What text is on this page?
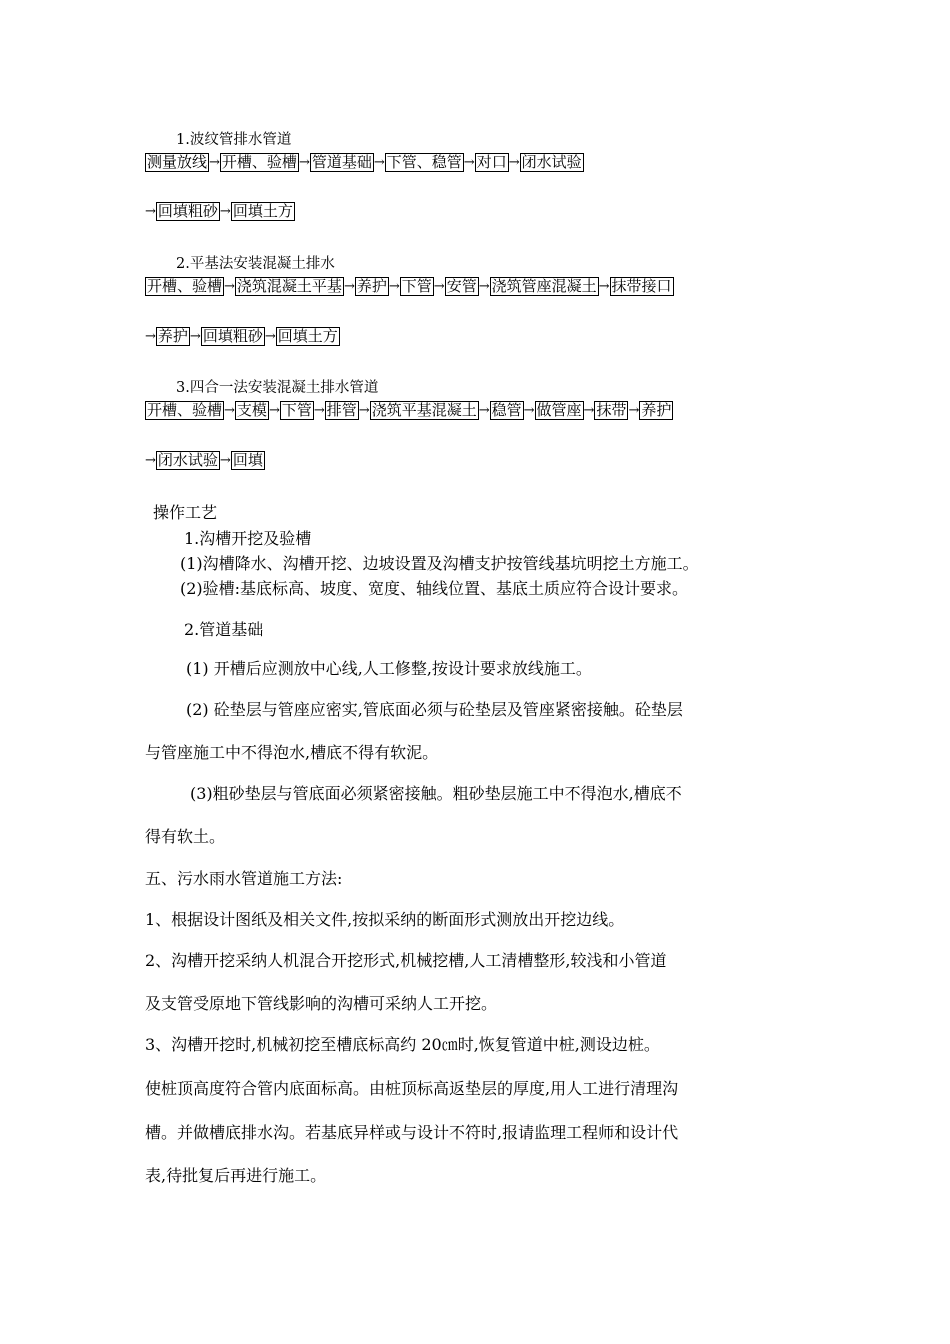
1.波纹管排水管道
测量放线 → 开槽、验槽 → 管道基础 → 下管、稳管 → 对口 → 闭水试验
→ 回填粗砂 → 回填土方
2.平基法安装混凝土排水
开槽、验槽 → 浇筑混凝土平基 → 养护 → 下管 → 安管 → 浇筑管座混凝土 → 抹带接口
→ 养护 → 回填粗砂 → 回填土方
3.四合一法安装混凝土排水管道
开槽、验槽 → 支模 → 下管 → 排管 → 浇筑平基混凝土 → 稳管 → 做管座 → 抹带 → 养护
→ 闭水试验 → 回填
操作工艺
1.沟槽开挖及验槽
(1)沟槽降水、沟槽开挖、边坡设置及沟槽支护按管线基坑明挖土方施工。
(2)验槽:基底标高、坡度、宽度、轴线位置、基底土质应符合设计要求。
2.管道基础
(1) 开槽后应测放中心线,人工修整,按设计要求放线施工。
(2) 砼垫层与管座应密实,管底面必须与砼垫层及管座紧密接触。砼垫层
与管座施工中不得泡水,槽底不得有软泥。
(3)粗砂垫层与管底面必须紧密接触。粗砂垫层施工中不得泡水,槽底不
得有软土。
五、污水雨水管道施工方法:
1、根据设计图纸及相关文件,按拟采纳的断面形式测放出开挖边线。
2、沟槽开挖采纳人机混合开挖形式,机械挖槽,人工清槽整形,较浅和小管道
及支管受原地下管线影响的沟槽可采纳人工开挖。
3、沟槽开挖时,机械初挖至槽底标高约 20㎝时,恢复管道中桩,测设边桩。
使桩顶高度符合管内底面标高。由桩顶标高返垫层的厚度,用人工进行清理沟
槽。并做槽底排水沟。若基底异样或与设计不符时,报请监理工程师和设计代
表,待批复后再进行施工。
